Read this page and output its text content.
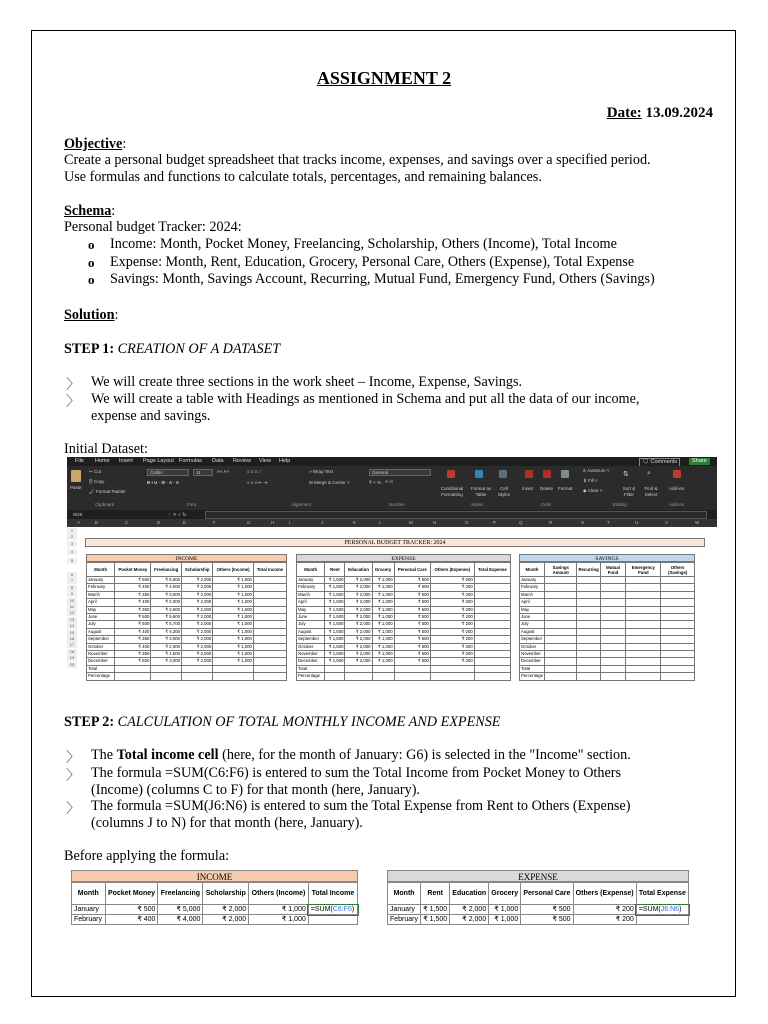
ASSIGNMENT 2
Date: 13.09.2024
Objective:
Create a personal budget spreadsheet that tracks income, expenses, and savings over a specified period.
Use formulas and functions to calculate totals, percentages, and remaining balances.
Schema:
Personal budget Tracker: 2024:
o Income: Month, Pocket Money, Freelancing, Scholarship, Others (Income), Total Income
o Expense: Month, Rent, Education, Grocery, Personal Care, Others (Expense), Total Expense
o Savings: Month, Savings Account, Recurring, Mutual Fund, Emergency Fund, Others (Savings)
Solution:
STEP 1: CREATION OF A DATASET
〉 We will create three sections in the work sheet – Income, Expense, Savings.
〉 We will create a table with Headings as mentioned in Schema and put all the data of our income,
expense and savings.
Initial Dataset:
File Home Insert Page Layout Formulas Data Review View Help	🗨 Comments	Share
Paste
✂ Cut
⎘ Copy
🖌 Format Painter
Calibri	11	A˄ A˅
B I U · ⊞ · A · A
≡ ≡ ≡ ⟋
≡ ≡ ≡ ⇤ ⇥
⤶ Wrap Text
⊟ Merge & Center ˅
General
₹ ˅ % , ⁰⁰ ⁰⁰
Conditional Formatting
Format as Table
Cell Styles
Insert Delete Format
Σ AutoSum ˅
⬇ Fill ˅
◆ Clear ˅
⇅
Sort & Filter
⌕
Find & Select
Add-ins
Clipboard	Font	Alignment	Number	Styles	Cells	Editing	Add-ins
W26	⋮ ✕ ✓ fx
A	B	C	D	E	F	G	H	I	J	K	L	M	N	O	P	Q	R	S	T	U	V	W
1
2
3
4
5
6
7
8
9
10
11
12
13
14
15
16
17
18
19
20
PERSONAL BUDGET TRACKER: 2024
INCOME	EXPENSE	SAVINGS
Month	Pocket Money	Freelancing	Scholarship	Others (Income)	Total Income
January	₹ 500	₹ 5,000	₹ 2,000	₹ 1,000	
February	₹ 400	₹ 4,000	₹ 2,000	₹ 1,000	
March	₹ 350	₹ 3,000	₹ 2,000	₹ 1,000	
April	₹ 400	₹ 2,000	₹ 2,000	₹ 1,000	
May	₹ 350	₹ 2,500	₹ 2,000	₹ 1,000	
June	₹ 500	₹ 5,600	₹ 2,000	₹ 1,000	
July	₹ 500	₹ 5,700	₹ 2,000	₹ 1,000	
August	₹ 400	₹ 4,200	₹ 2,000	₹ 1,000	
September	₹ 350	₹ 3,000	₹ 2,000	₹ 1,000	
October	₹ 400	₹ 2,000	₹ 2,000	₹ 1,000	
November	₹ 350	₹ 1,500	₹ 2,000	₹ 1,000	
December	₹ 500	₹ 3,000	₹ 2,000	₹ 1,000	
Total					
Percentage					
Month	Rent	Education	Grocery	Personal Care	Others (Expense)	Total Expense
January	₹ 1,500	₹ 2,000	₹ 1,000	₹ 500	₹ 200	
February	₹ 1,500	₹ 2,000	₹ 1,000	₹ 500	₹ 200	
March	₹ 1,500	₹ 2,000	₹ 1,000	₹ 500	₹ 200	
April	₹ 1,500	₹ 2,000	₹ 1,000	₹ 500	₹ 200	
May	₹ 1,500	₹ 2,000	₹ 1,000	₹ 500	₹ 200	
June	₹ 1,500	₹ 2,000	₹ 1,000	₹ 500	₹ 200	
July	₹ 1,500	₹ 2,000	₹ 1,000	₹ 500	₹ 200	
August	₹ 1,500	₹ 2,000	₹ 1,000	₹ 500	₹ 200	
September	₹ 1,500	₹ 2,000	₹ 1,000	₹ 500	₹ 200	
October	₹ 1,500	₹ 2,000	₹ 1,000	₹ 500	₹ 200	
November	₹ 1,500	₹ 2,000	₹ 1,000	₹ 500	₹ 200	
December	₹ 1,500	₹ 2,000	₹ 1,000	₹ 500	₹ 200	
Total						
Percentage						
Month	Savings Amount	Recurring	Mutual Fund	Emergency Fund	Others (Savings)
January					
February					
March					
April					
May					
June					
July					
August					
September					
October					
November					
December					
Total					
Percentage					
STEP 2: CALCULATION OF TOTAL MONTHLY INCOME AND EXPENSE
〉 The Total income cell (here, for the month of January: G6) is selected in the "Income" section.
〉 The formula =SUM(C6:F6) is entered to sum the Total Income from Pocket Money to Others
(Income) (columns C to F) for that month (here, January).
〉 The formula =SUM(J6:N6) is entered to sum the Total Expense from Rent to Others (Expense)
(columns J to N) for that month (here, January).
Before applying the formula:
INCOME
Month	Pocket Money	Freelancing	Scholarship	Others (Income)	Total Income
January	₹ 500	₹ 5,000	₹ 2,000	₹ 1,000	=SUM(C6:F6)
February	₹ 400	₹ 4,000	₹ 2,000	₹ 1,000	
EXPENSE
Month	Rent	Education	Grocery	Personal Care	Others (Expense)	Total Expense
January	₹ 1,500	₹ 2,000	₹ 1,000	₹ 500	₹ 200	=SUM(J6:N6)
February	₹ 1,500	₹ 2,000	₹ 1,000	₹ 500	₹ 200	
